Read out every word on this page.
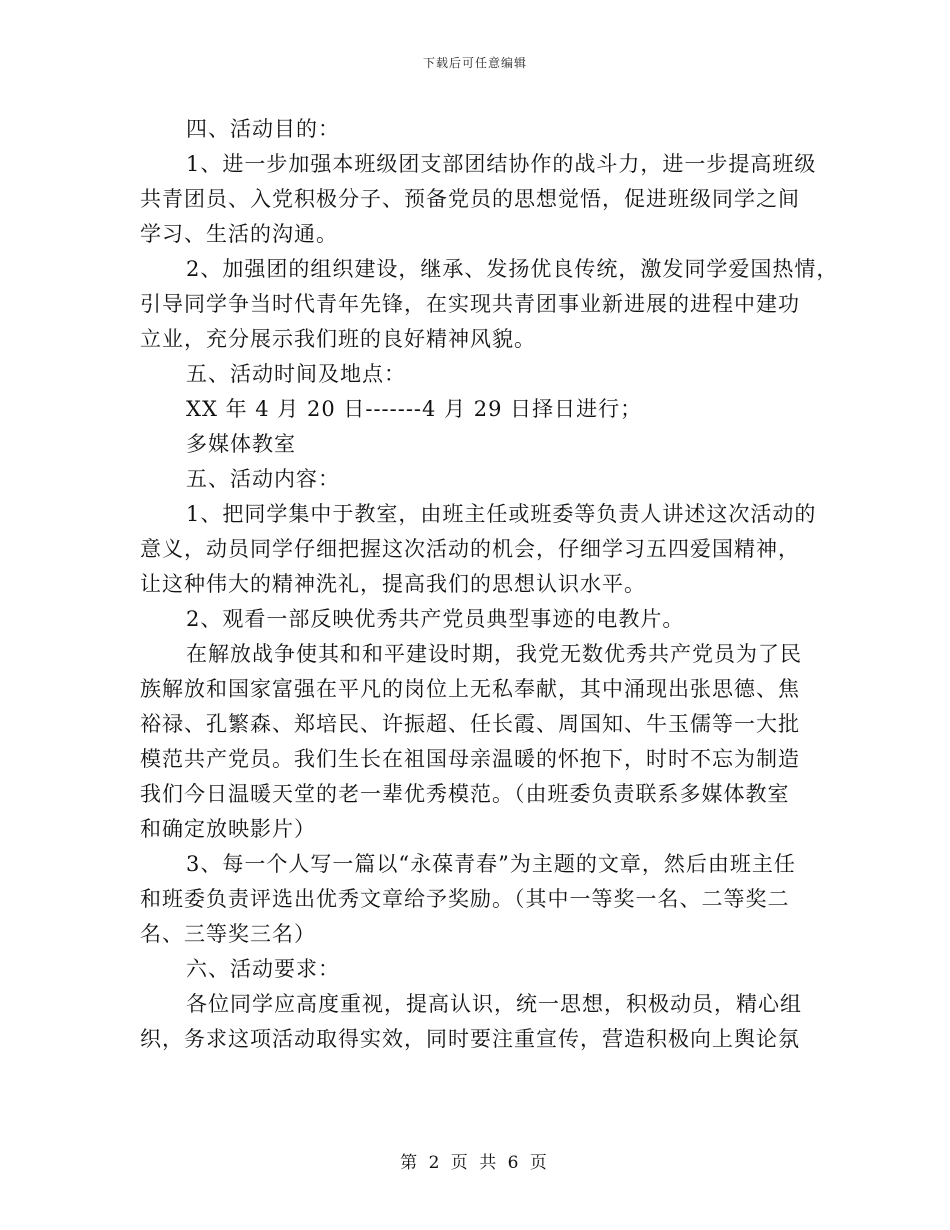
下载后可任意编辑
四、活动目的：
1、进一步加强本班级团支部团结协作的战斗力，进一步提高班级
共青团员、入党积极分子、预备党员的思想觉悟，促进班级同学之间
学习、生活的沟通。
2、加强团的组织建设，继承、发扬优良传统，激发同学爱国热情，
引导同学争当时代青年先锋，在实现共青团事业新进展的进程中建功
立业，充分展示我们班的良好精神风貌。
五、活动时间及地点：
XX 年 4 月 20 日-------4 月 29 日择日进行；
多媒体教室
五、活动内容：
1、把同学集中于教室，由班主任或班委等负责人讲述这次活动的
意义，动员同学仔细把握这次活动的机会，仔细学习五四爱国精神，
让这种伟大的精神洗礼，提高我们的思想认识水平。
2、观看一部反映优秀共产党员典型事迹的电教片。
在解放战争使其和和平建设时期，我党无数优秀共产党员为了民
族解放和国家富强在平凡的岗位上无私奉献，其中涌现出张思德、焦
裕禄、孔繁森、郑培民、许振超、任长霞、周国知、牛玉儒等一大批
模范共产党员。我们生长在祖国母亲温暖的怀抱下，时时不忘为制造
我们今日温暖天堂的老一辈优秀模范。（由班委负责联系多媒体教室
和确定放映影片）
3、每一个人写一篇以“永葆青春”为主题的文章，然后由班主任
和班委负责评选出优秀文章给予奖励。（其中一等奖一名、二等奖二
名、三等奖三名）
六、活动要求：
各位同学应高度重视，提高认识，统一思想，积极动员，精心组
织，务求这项活动取得实效，同时要注重宣传，营造积极向上舆论氛
第 2 页 共 6 页
